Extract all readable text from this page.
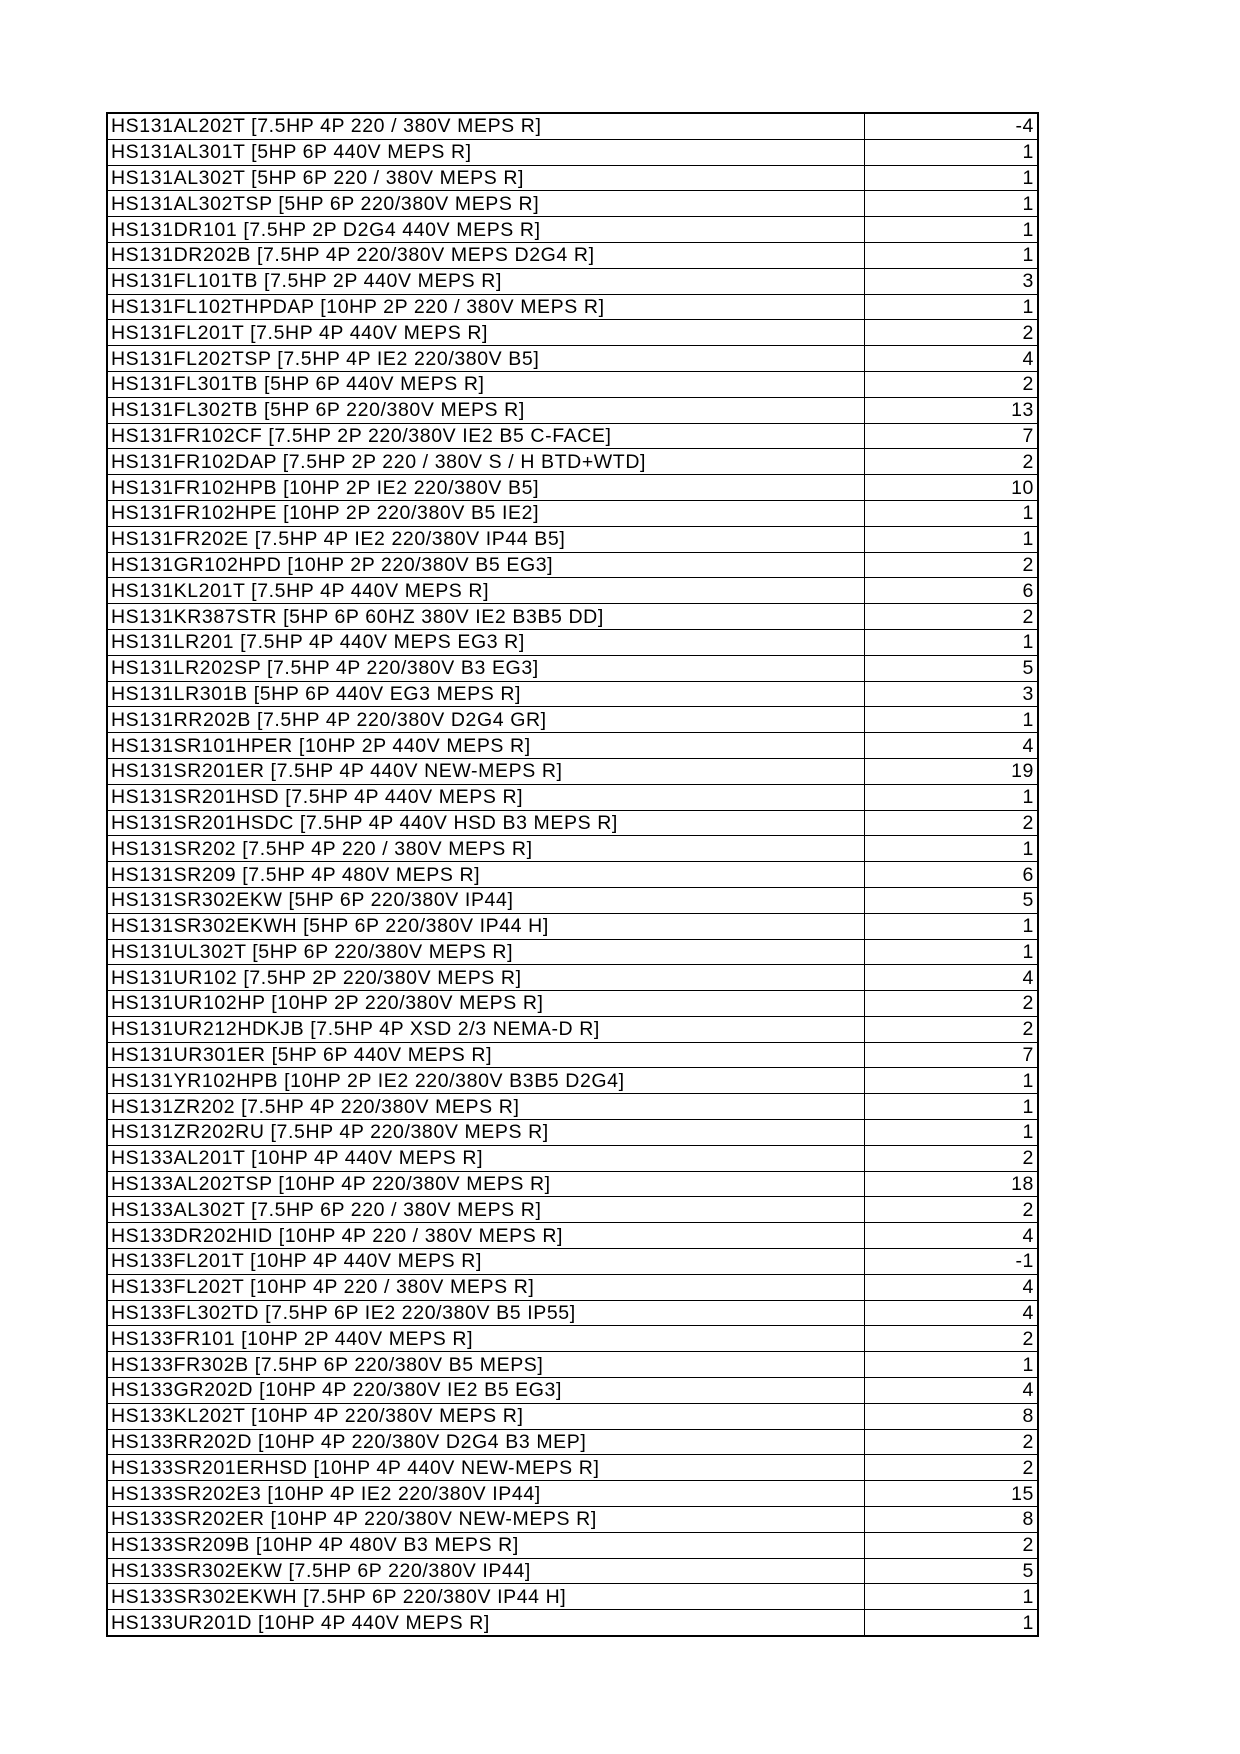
HS131AL202T [7.5HP 4P 220 / 380V MEPS R]	-4
HS131AL301T [5HP 6P 440V MEPS R]	1
HS131AL302T [5HP 6P 220 / 380V MEPS R]	1
HS131AL302TSP [5HP 6P 220/380V MEPS R]	1
HS131DR101 [7.5HP 2P D2G4 440V MEPS R]	1
HS131DR202B [7.5HP 4P 220/380V MEPS D2G4 R]	1
HS131FL101TB [7.5HP 2P 440V MEPS R]	3
HS131FL102THPDAP [10HP 2P 220 / 380V MEPS R]	1
HS131FL201T [7.5HP 4P 440V MEPS R]	2
HS131FL202TSP [7.5HP 4P IE2 220/380V B5]	4
HS131FL301TB [5HP 6P 440V MEPS R]	2
HS131FL302TB [5HP 6P 220/380V MEPS R]	13
HS131FR102CF [7.5HP 2P 220/380V IE2 B5 C-FACE]	7
HS131FR102DAP [7.5HP 2P 220 / 380V S / H BTD+WTD]	2
HS131FR102HPB [10HP 2P IE2 220/380V B5]	10
HS131FR102HPE [10HP 2P 220/380V B5 IE2]	1
HS131FR202E [7.5HP 4P IE2 220/380V IP44 B5]	1
HS131GR102HPD [10HP 2P 220/380V B5 EG3]	2
HS131KL201T [7.5HP 4P 440V MEPS R]	6
HS131KR387STR [5HP 6P 60HZ 380V IE2 B3B5 DD]	2
HS131LR201 [7.5HP 4P 440V MEPS EG3 R]	1
HS131LR202SP [7.5HP 4P 220/380V B3 EG3]	5
HS131LR301B [5HP 6P 440V EG3 MEPS R]	3
HS131RR202B [7.5HP 4P 220/380V D2G4 GR]	1
HS131SR101HPER [10HP 2P 440V MEPS R]	4
HS131SR201ER [7.5HP 4P 440V NEW-MEPS R]	19
HS131SR201HSD [7.5HP 4P 440V MEPS R]	1
HS131SR201HSDC [7.5HP 4P 440V HSD B3 MEPS R]	2
HS131SR202 [7.5HP 4P 220 / 380V MEPS R]	1
HS131SR209 [7.5HP 4P 480V MEPS R]	6
HS131SR302EKW [5HP 6P 220/380V IP44]	5
HS131SR302EKWH [5HP 6P 220/380V IP44 H]	1
HS131UL302T [5HP 6P 220/380V MEPS R]	1
HS131UR102 [7.5HP 2P 220/380V MEPS R]	4
HS131UR102HP [10HP 2P 220/380V MEPS R]	2
HS131UR212HDKJB [7.5HP 4P XSD 2/3 NEMA-D R]	2
HS131UR301ER [5HP 6P 440V MEPS R]	7
HS131YR102HPB [10HP 2P IE2 220/380V B3B5 D2G4]	1
HS131ZR202 [7.5HP 4P 220/380V MEPS R]	1
HS131ZR202RU [7.5HP 4P 220/380V MEPS R]	1
HS133AL201T [10HP 4P 440V MEPS R]	2
HS133AL202TSP [10HP 4P 220/380V MEPS R]	18
HS133AL302T [7.5HP 6P 220 / 380V MEPS R]	2
HS133DR202HID [10HP 4P 220 / 380V MEPS R]	4
HS133FL201T [10HP 4P 440V MEPS R]	-1
HS133FL202T [10HP 4P 220 / 380V MEPS R]	4
HS133FL302TD [7.5HP 6P IE2 220/380V B5 IP55]	4
HS133FR101 [10HP 2P 440V MEPS R]	2
HS133FR302B [7.5HP 6P 220/380V B5 MEPS]	1
HS133GR202D [10HP 4P 220/380V IE2 B5 EG3]	4
HS133KL202T [10HP 4P 220/380V MEPS R]	8
HS133RR202D [10HP 4P 220/380V D2G4 B3 MEP]	2
HS133SR201ERHSD [10HP 4P 440V NEW-MEPS R]	2
HS133SR202E3 [10HP 4P IE2 220/380V IP44]	15
HS133SR202ER [10HP 4P 220/380V NEW-MEPS R]	8
HS133SR209B [10HP 4P 480V B3 MEPS R]	2
HS133SR302EKW [7.5HP 6P 220/380V IP44]	5
HS133SR302EKWH [7.5HP 6P 220/380V IP44 H]	1
HS133UR201D [10HP 4P 440V MEPS R]	1
